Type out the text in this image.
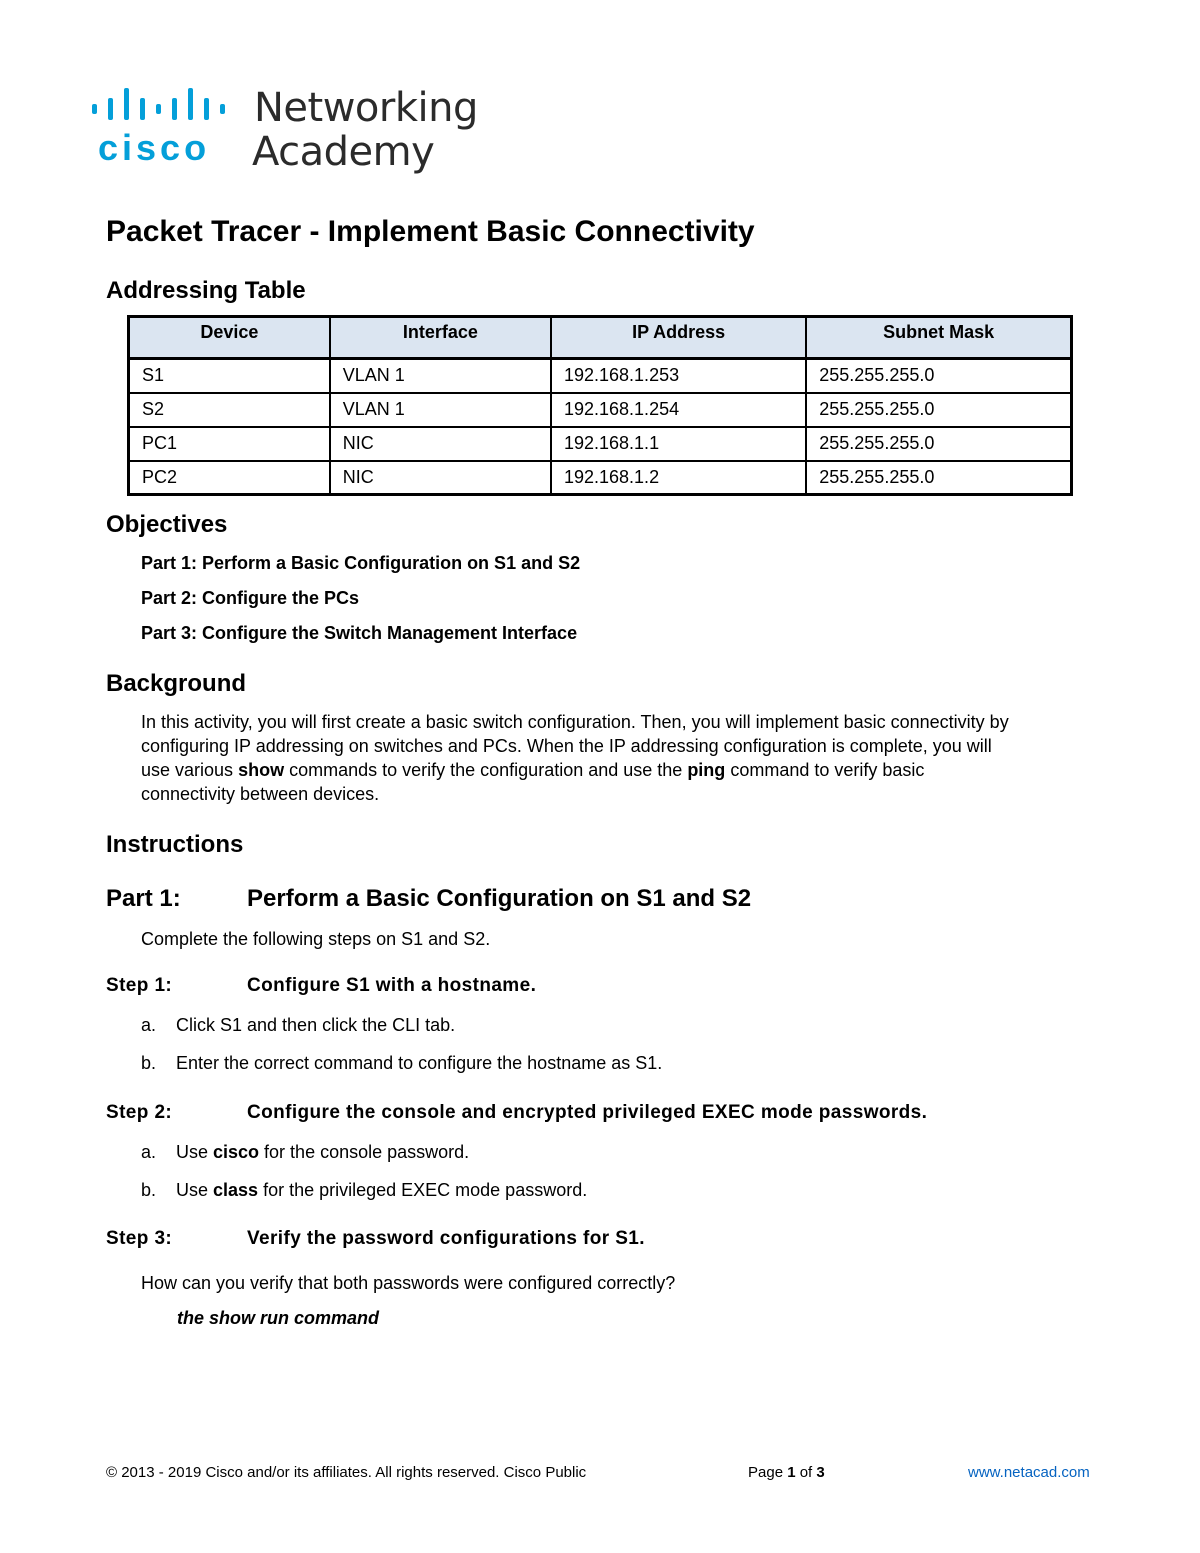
cisco
Networking
Academy
Packet Tracer - Implement Basic Connectivity
Addressing Table
Device	Interface	IP Address	Subnet Mask
S1	VLAN 1	192.168.1.253	255.255.255.0
S2	VLAN 1	192.168.1.254	255.255.255.0
PC1	NIC	192.168.1.1	255.255.255.0
PC2	NIC	192.168.1.2	255.255.255.0
Objectives
Part 1: Perform a Basic Configuration on S1 and S2
Part 2: Configure the PCs
Part 3: Configure the Switch Management Interface
Background
In this activity, you will first create a basic switch configuration. Then, you will implement basic connectivity by
configuring IP addressing on switches and PCs. When the IP addressing configuration is complete, you will
use various show commands to verify the configuration and use the ping command to verify basic
connectivity between devices.
Instructions
Part 1:	Perform a Basic Configuration on S1 and S2
Complete the following steps on S1 and S2.
Step 1:	Configure S1 with a hostname.
a. Click S1 and then click the CLI tab.
b. Enter the correct command to configure the hostname as S1.
Step 2:	Configure the console and encrypted privileged EXEC mode passwords.
a. Use cisco for the console password.
b. Use class for the privileged EXEC mode password.
Step 3:	Verify the password configurations for S1.
How can you verify that both passwords were configured correctly?
the show run command
© 2013 - 2019 Cisco and/or its affiliates. All rights reserved. Cisco Public	Page 1 of 3	www.netacad.com
